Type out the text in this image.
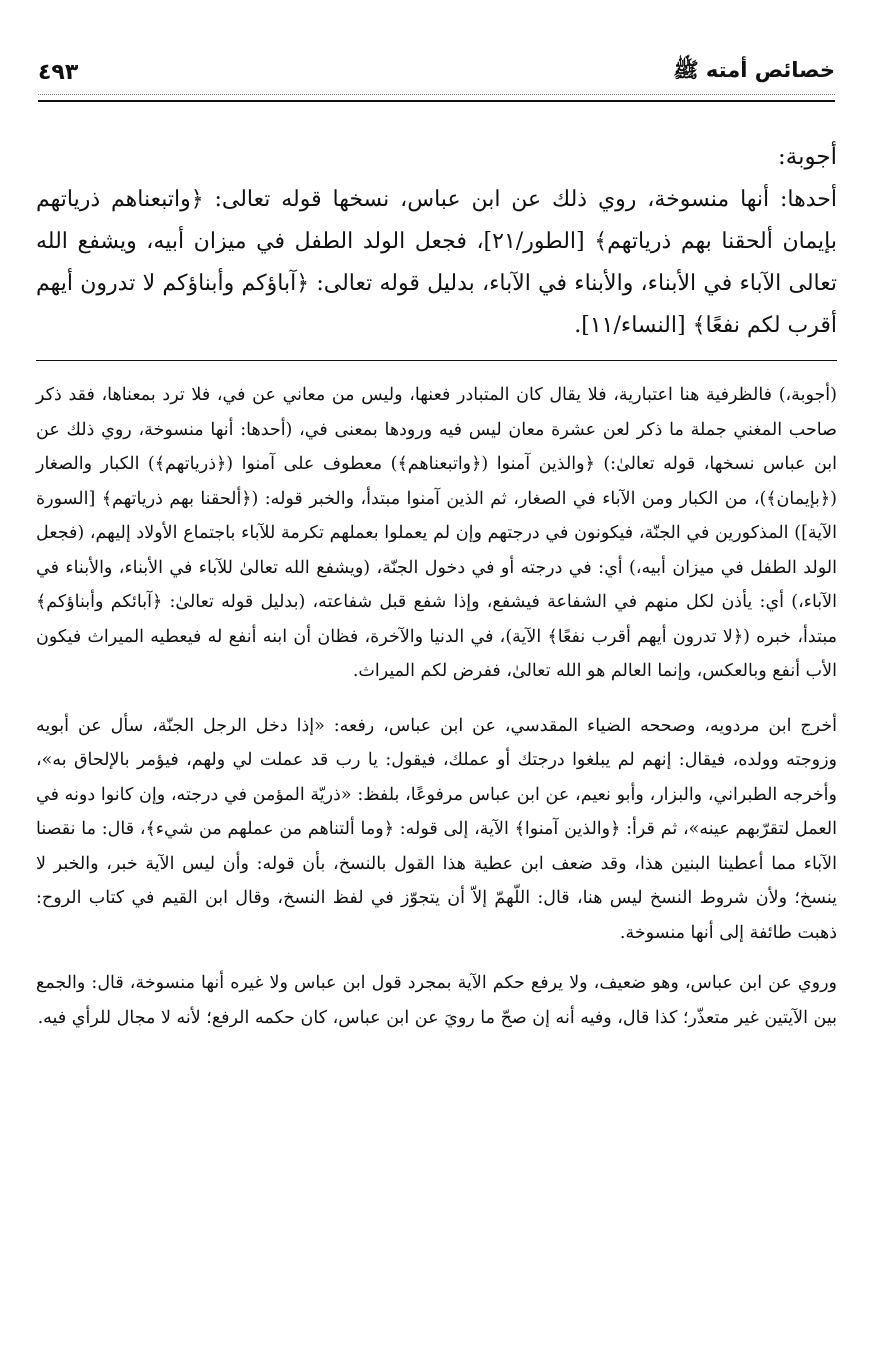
خصائص أمته ﷺ
٤٩٣

أجوبة:

أحدها: أنها منسوخة، روي ذلك عن ابن عباس، نسخها قوله تعالى: ﴿واتبعناهم ذرياتهم بإيمان ألحقنا بهم ذرياتهم﴾ [الطور/٢١]، فجعل الولد الطفل في ميزان أبيه، ويشفع الله تعالى الآباء في الأبناء، والأبناء في الآباء، بدليل قوله تعالى: ﴿آباؤكم وأبناؤكم لا تدرون أيهم أقرب لكم نفعًا﴾ [النساء/١١].

(أجوبة،) فالظرفية هنا اعتبارية، فلا يقال كان المتبادر فعنها، وليس من معاني عن في، فلا ترد بمعناها، فقد ذكر صاحب المغني جملة ما ذكر لعن عشرة معان ليس فيه ورودها بمعنى في، (أحدها: أنها منسوخة، روي ذلك عن ابن عباس نسخها، قوله تعالىٰ:) ﴿والذين آمنوا (﴿واتبعناهم﴾) معطوف على آمنوا (﴿ذرياتهم﴾) الكبار والصغار (﴿بإيمان﴾)، من الكبار ومن الآباء في الصغار، ثم الذين آمنوا مبتدأ، والخبر قوله: (﴿ألحقنا بهم ذرياتهم﴾ [السورة الآية]) المذكورين في الجنّة، فيكونون في درجتهم وإن لم يعملوا بعملهم تكرمة للآباء باجتماع الأولاد إليهم، (فجعل الولد الطفل في ميزان أبيه،) أي: في درجته أو في دخول الجنّة، (ويشفع الله تعالىٰ للآباء في الأبناء، والأبناء في الآباء،) أي: يأذن لكل منهم في الشفاعة فيشفع، وإذا شفع قبل شفاعته، (بدليل قوله تعالىٰ: ﴿آبائكم وأبناؤكم﴾ مبتدأ، خبره (﴿لا تدرون أيهم أقرب نفعًا﴾ الآية)، في الدنيا والآخرة، فظان أن ابنه أنفع له فيعطيه الميراث فيكون الأب أنفع وبالعكس، وإنما العالم هو الله تعالىٰ، ففرض لكم الميراث.

أخرج ابن مردويه، وصححه الضياء المقدسي، عن ابن عباس، رفعه: «إذا دخل الرجل الجنّة، سأل عن أبويه وزوجته وولده، فيقال: إنهم لم يبلغوا درجتك أو عملك، فيقول: يا رب قد عملت لي ولهم، فيؤمر بالإلحاق به»، وأخرجه الطبراني، والبزار، وأبو نعيم، عن ابن عباس مرفوعًا، بلفظ: «ذريّة المؤمن في درجته، وإن كانوا دونه في العمل لتقرّبهم عينه»، ثم قرأ: ﴿والذين آمنوا﴾ الآية، إلى قوله: ﴿وما ألتناهم من عملهم من شيء﴾، قال: ما نقصنا الآباء مما أعطينا البنين هذا، وقد ضعف ابن عطية هذا القول بالنسخ، بأن قوله: وأن ليس الآية خبر، والخبر لا ينسخ؛ ولأن شروط النسخ ليس هنا، قال: اللّهمّ إلاّ أن يتجوّز في لفظ النسخ، وقال ابن القيم في كتاب الروح: ذهبت طائفة إلى أنها منسوخة.

وروي عن ابن عباس، وهو ضعيف، ولا يرفع حكم الآية بمجرد قول ابن عباس ولا غيره أنها منسوخة، قال: والجمع بين الآيتين غير متعذّر؛ كذا قال، وفيه أنه إن صحّ ما رويَ عن ابن عباس، كان حكمه الرفع؛ لأنه لا مجال للرأي فيه.
